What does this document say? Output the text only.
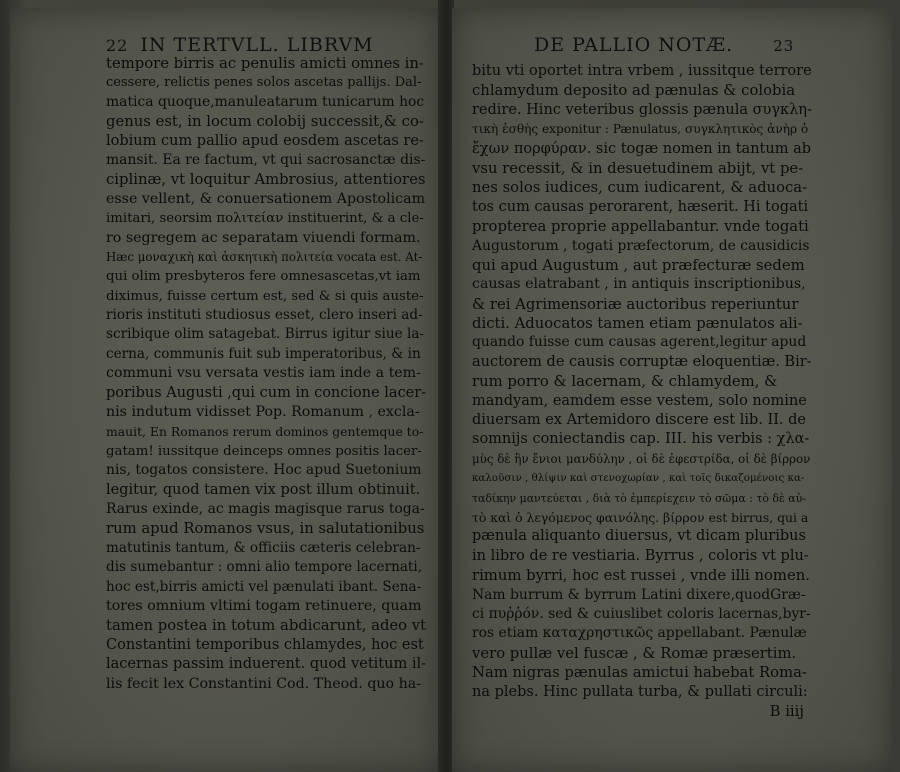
22 IN TERTVLL. LIBRVM
tempore birris ac penulis amicti omnes in-
cessere, relictis penes solos ascetas pallijs. Dal-
matica quoque,manuleatarum tunicarum hoc
genus est, in locum colobij successit,& co-
lobium cum pallio apud eosdem ascetas re-
mansit. Ea re factum, vt qui sacrosanctæ dis-
ciplinæ, vt loquitur Ambrosius, attentiores
esse vellent, & conuersationem Apostolicam
imitari, seorsim πολιτείαν instituerint, & a cle-
ro segregem ac separatam viuendi formam.
Hæc μοναχικὴ καὶ ἀσκητικὴ πολιτεία vocata est. At-
qui olim presbyteros fere omnesascetas,vt iam
diximus, fuisse certum est, sed & si quis auste-
rioris instituti studiosus esset, clero inseri ad-
scribique olim satagebat. Birrus igitur siue la-
cerna, communis fuit sub imperatoribus, & in
communi vsu versata vestis iam inde a tem-
poribus Augusti ,qui cum in concione lacer-
nis indutum vidisset Pop. Romanum , excla-
mauit, En Romanos rerum dominos gentemque to-
gatam! iussitque deinceps omnes positis lacer-
nis, togatos consistere. Hoc apud Suetonium
legitur, quod tamen vix post illum obtinuit.
Rarus exinde, ac magis magisque rarus toga-
rum apud Romanos vsus, in salutationibus
matutinis tantum, & officiis cæteris celebran-
dis sumebantur : omni alio tempore lacernati,
hoc est,birris amicti vel pænulati ibant. Sena-
tores omnium vltimi togam retinuere, quam
tamen postea in totum abdicarunt, adeo vt
Constantini temporibus chlamydes, hoc est
lacernas passim induerent. quod vetitum il-
lis fecit lex Constantini Cod. Theod. quo ha-
DE PALLIO NOTÆ.	23
bitu vti oportet intra vrbem , iussitque terrore
chlamydum deposito ad pænulas & colobia
redire. Hinc veteribus glossis pænula συγκλη-
τικὴ ἐσθὴς exponitur : Pænulatus, συγκλητικὸς ἀνὴρ ὁ
ἔχων πορφύραν. sic togæ nomen in tantum ab
vsu recessit, & in desuetudinem abijt, vt pe-
nes solos iudices, cum iudicarent, & aduoca-
tos cum causas perorarent, hæserit. Hi togati
propterea proprie appellabantur. vnde togati
Augustorum , togati præfectorum, de causidicis
qui apud Augustum , aut præfecturæ sedem
causas elatrabant , in antiquis inscriptionibus,
& rei Agrimensoriæ auctoribus reperiuntur
dicti. Aduocatos tamen etiam pænulatos ali-
quando fuisse cum causas agerent,legitur apud
auctorem de causis corruptæ eloquentiæ. Bir-
rum porro & lacernam, & chlamydem, &
mandyam, eamdem esse vestem, solo nomine
diuersam ex Artemidoro discere est lib. II. de
somnijs coniectandis cap. III. his verbis : χλα-
μὺς δὲ ἣν ἔνιοι μανδύλην , οἱ δὲ ἐφεστρίδα, οἱ δὲ βίρρον
καλοῦσιν , θλίψιν καὶ στενοχωρίαν , καὶ τοῖς δικαζομένοις κα-
ταδίκην μαντεύεται , διὰ τὸ ἐμπερίεχειν τὸ σῶμα : τὸ δὲ αὐ-
τὸ καὶ ὁ λεγόμενος φαινόλης. βίρρον est birrus, qui a
pænula aliquanto diuersus, vt dicam pluribus
in libro de re vestiaria. Byrrus , coloris vt plu-
rimum byrri, hoc est russei , vnde illi nomen.
Nam burrum & byrrum Latini dixere,quodGræ-
ci πυῤῥόν. sed & cuiuslibet coloris lacernas,byr-
ros etiam καταχρηστικῶς appellabant. Pænulæ
vero pullæ vel fuscæ , & Romæ præsertim.
Nam nigras pænulas amictui habebat Roma-
na plebs. Hinc pullata turba, & pullati circuli:
B iiij
